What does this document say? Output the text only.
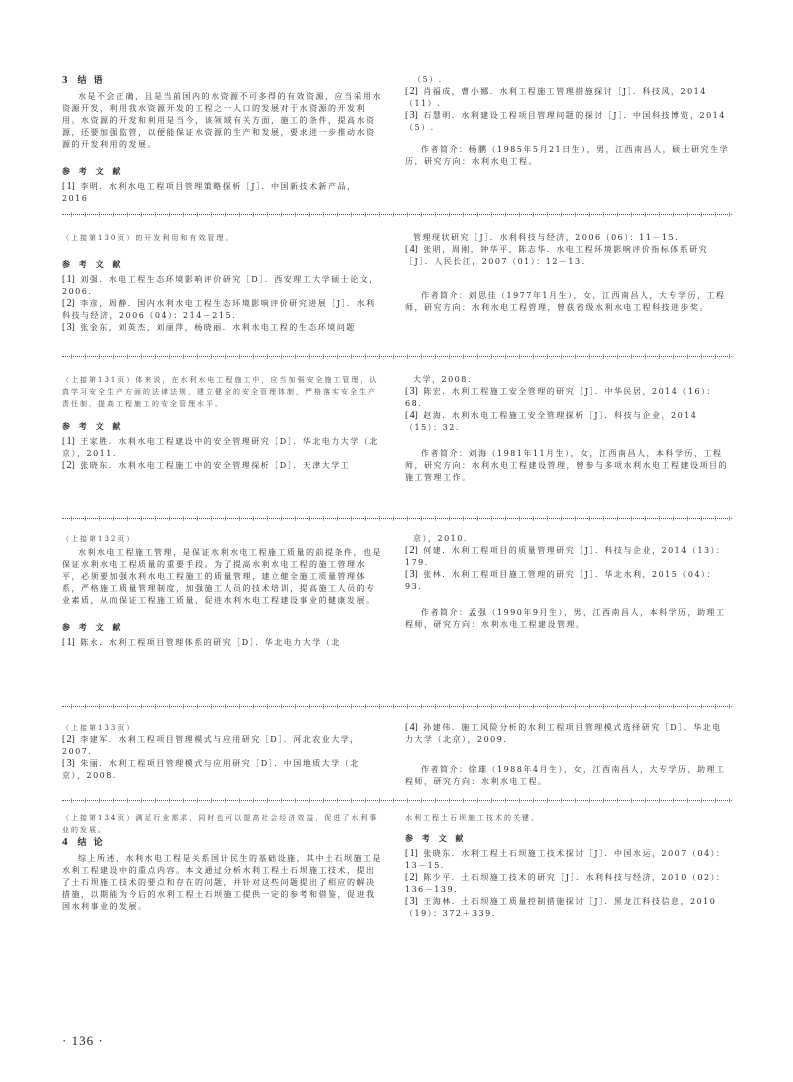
3 结 语

水是不会正确，且是当前国内的水资源不可多得的有效资源，应当采用水资源开发，利用我水资源开发的工程之一人口的发展对于水资源的开发利用。水资源的开发和利用是当今，该领域有关方面，施工的条件，提高水资源，还要加强监管，以便能保证水资源的生产和发展，要求进一步推动水资源的开发利用的发展。

参 考 文 献

[1] 李明．水利水电工程项目管理策略探析［J］．中国新技术新产品，2016

（5）.

[2] 肖福成，曹小娜．水利工程施工管理措施探讨［J］．科技风，2014（11）.

[3] 石慧明．水利建设工程项目管理问题的探讨［J］．中国科技博览，2014（5）.

作者简介：杨鹏（1985年5月21日生），男，江西南昌人，硕士研究生学历，研究方向：水利水电工程。

（上接第130页）的开发利用和有效管理。

参 考 文 献

[1] 刘强．水电工程生态环境影响评价研究［D］．西安理工大学硕士论文，2006.

[2] 李彦，周静．国内水利水电工程生态环境影响评价研究进展［J］．水利科技与经济，2006（04）：214－215.

[3] 张金东，刘英杰，刘丽萍，杨晓丽．水利水电工程的生态环境问题

管理现状研究［J］．水利科技与经济，2006（06）：11－15.

[4] 张明，周刚，钟华平，陈志华．水电工程环境影响评价指标体系研究［J］．人民长江，2007（01）：12－13.

作者简介：刘思佳（1977年1月生），女，江西南昌人，大专学历，工程师，研究方向：水利水电工程管理，曾获省级水利水电工程科技进步奖。

（上接第131页）体来说，在水利水电工程施工中，应当加强安全施工管理，认真学习安全生产方面的法律法规，建立健全的安全管理体制，严格落实安全生产责任制，提高工程施工的安全管理水平。

参 考 文 献

[1] 王家胜．水利水电工程建设中的安全管理研究［D］．华北电力大学（北京），2011.

[2] 张晓东．水利水电工程施工中的安全管理探析［D］．天津大学工

大学，2008.

[3] 陈宏．水利工程施工安全管理的研究［J］．中华民居，2014（16）：68.

[4] 赵海．水利水电工程施工安全管理探析［J］．科技与企业，2014（15）：32.

作者简介：刘海（1981年11月生），女，江西南昌人，本科学历，工程师，研究方向：水利水电工程建设管理，曾参与多项水利水电工程建设项目的施工管理工作。

（上接第132页）

水利水电工程施工管理，是保证水利水电工程施工质量的前提条件，也是保证水利水电工程质量的重要手段。为了提高水利水电工程的施工管理水平，必须要加强水利水电工程施工的质量管理，建立健全施工质量管理体系，严格施工质量管理制度，加强施工人员的技术培训，提高施工人员的专业素质，从而保证工程施工质量，促进水利水电工程建设事业的健康发展。

参 考 文 献

[1] 陈永．水利工程项目管理体系的研究［D］．华北电力大学（北

京），2010.

[2] 何建．水利工程项目的质量管理研究［J］．科技与企业，2014（13）：179.

[3] 张林．水利工程项目施工管理的研究［J］．华北水利，2015（04）：93.

作者简介：孟强（1990年9月生），男，江西南昌人，本科学历，助理工程师，研究方向：水利水电工程建设管理。

（上接第133页）

[2] 李建军．水利工程项目管理模式与应用研究［D］．河北农业大学，2007.

[3] 朱丽．水利工程项目管理模式与应用研究［D］．中国地质大学（北京），2008.

[4] 孙建伟．施工风险分析的水利工程项目管理模式选择研究［D］．华北电力大学（北京），2009.

作者简介：徐雄（1988年4月生），女，江西南昌人，大专学历，助理工程师，研究方向：水利水电工程。

（上接第134页）满足行业需求，同时也可以提高社会经济效益，促进了水利事业的发展。

4 结 论

综上所述，水利水电工程是关系国计民生的基础设施，其中土石坝施工是水利工程建设中的重点内容。本文通过分析水利工程土石坝施工技术，提出了土石坝施工技术的要点和存在的问题，并针对这些问题提出了相应的解决措施，以期能为今后的水利工程土石坝施工提供一定的参考和借鉴，促进我国水利事业的发展。

水利工程土石坝施工技术的关键。

参 考 文 献

[1] 张晓东．水利工程土石坝施工技术探讨［J］．中国水运，2007（04）：13－15.

[2] 陈少平．土石坝施工技术的研究［J］．水利科技与经济，2010（02）：136－139.

[3] 王海林．土石坝施工质量控制措施探讨［J］．黑龙江科技信息，2010（19）：372＋339.

· 136 ·
